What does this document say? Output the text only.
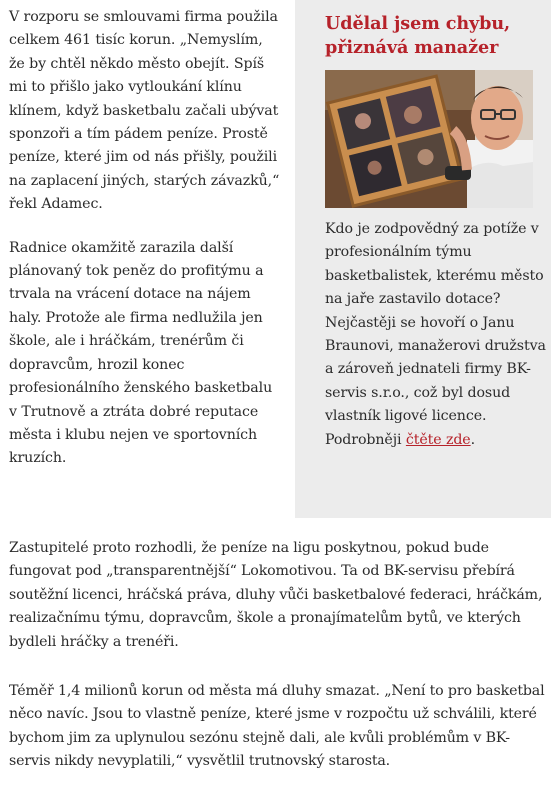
V rozporu se smlouvami firma použila celkem 461 tisíc korun. „Nemyslím, že by chtěl někdo město obejít. Spíš mi to přišlo jako vytloukání klínu klínem, když basketbalu začali ubývat sponzoři a tím pádem peníze. Prostě peníze, které jim od nás přišly, použili na zaplacení jiných, starých závazků,“ řekl Adamec.

Radnice okamžitě zarazila další plánovaný tok peněz do profitýmu a trvala na vrácení dotace na nájem haly. Protože ale firma nedlužila jen škole, ale i hráčkám, trenérům či dopravcům, hrozil konec profesionálního ženského basketbalu v Trutnově a ztráta dobré reputace města i klubu nejen ve sportovních kruzích.

Udělal jsem chybu, přiznává manažer

Kdo je zodpovědný za potíže v profesionálním týmu basketbalistek, kterému město na jaře zastavilo dotace? Nejčastěji se hovoří o Janu Braunovi, manažerovi družstva a zároveň jednateli firmy BK-servis s.r.o., což byl dosud vlastník ligové licence. Podrobněji čtěte zde.

Zastupitelé proto rozhodli, že peníze na ligu poskytnou, pokud bude fungovat pod „transparentnější“ Lokomotivou. Ta od BK-servisu přebírá soutěžní licenci, hráčská práva, dluhy vůči basketbalové federaci, hráčkám, realizačnímu týmu, dopravcům, škole a pronajímatelům bytů, ve kterých bydleli hráčky a trenéři.

Téměř 1,4 milionů korun od města má dluhy smazat. „Není to pro basketbal něco navíc. Jsou to vlastně peníze, které jsme v rozpočtu už schválili, které bychom jim za uplynulou sezónu stejně dali, ale kvůli problémům v BK-servis nikdy nevyplatili,“ vysvětlil trutnovský starosta.
